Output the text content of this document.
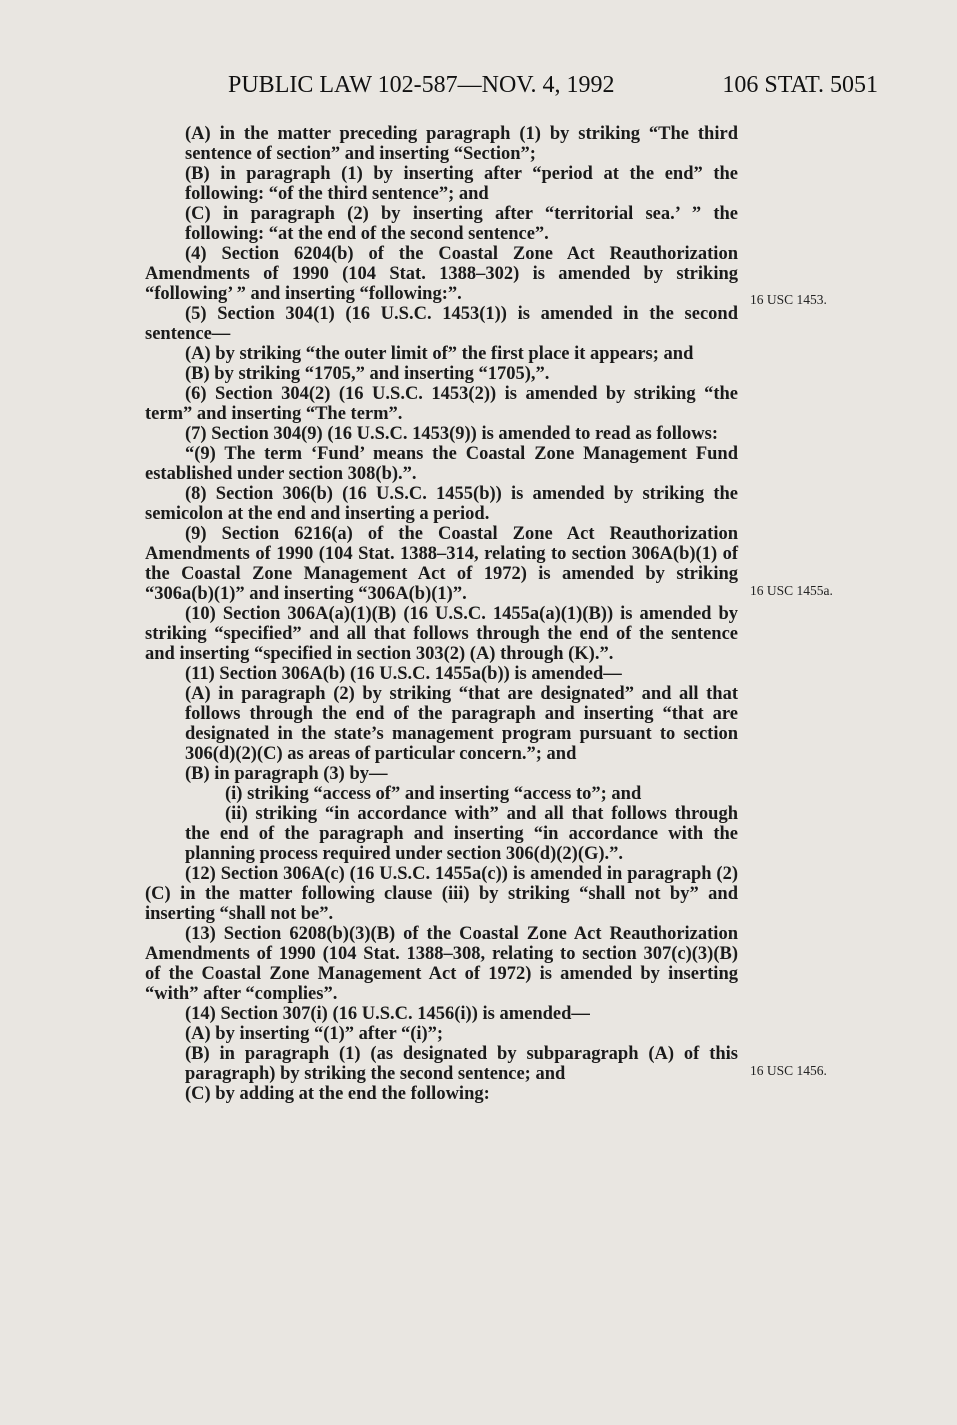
PUBLIC LAW 102-587—NOV. 4, 1992	106 STAT. 5051

(A) in the matter preceding paragraph (1) by striking “The third sentence of section” and inserting “Section”;

(B) in paragraph (1) by inserting after “period at the end” the following: “of the third sentence”; and

(C) in paragraph (2) by inserting after “territorial sea.’ ” the following: “at the end of the second sentence”.

(4) Section 6204(b) of the Coastal Zone Act Reauthorization Amendments of 1990 (104 Stat. 1388–302) is amended by striking “following’ ” and inserting “following:”.

(5) Section 304(1) (16 U.S.C. 1453(1)) is amended in the second sentence—

(A) by striking “the outer limit of” the first place it appears; and

(B) by striking “1705,” and inserting “1705),”.

(6) Section 304(2) (16 U.S.C. 1453(2)) is amended by striking “the term” and inserting “The term”.

(7) Section 304(9) (16 U.S.C. 1453(9)) is amended to read as follows:

“(9) The term ‘Fund’ means the Coastal Zone Management Fund established under section 308(b).”.

(8) Section 306(b) (16 U.S.C. 1455(b)) is amended by striking the semicolon at the end and inserting a period.

(9) Section 6216(a) of the Coastal Zone Act Reauthorization Amendments of 1990 (104 Stat. 1388–314, relating to section 306A(b)(1) of the Coastal Zone Management Act of 1972) is amended by striking “306a(b)(1)” and inserting “306A(b)(1)”.

(10) Section 306A(a)(1)(B) (16 U.S.C. 1455a(a)(1)(B)) is amended by striking “specified” and all that follows through the end of the sentence and inserting “specified in section 303(2) (A) through (K).”.

(11) Section 306A(b) (16 U.S.C. 1455a(b)) is amended—

(A) in paragraph (2) by striking “that are designated” and all that follows through the end of the paragraph and inserting “that are designated in the state’s management program pursuant to section 306(d)(2)(C) as areas of particular concern.”; and

(B) in paragraph (3) by—

(i) striking “access of” and inserting “access to”; and

(ii) striking “in accordance with” and all that follows through the end of the paragraph and inserting “in accordance with the planning process required under section 306(d)(2)(G).”.

(12) Section 306A(c) (16 U.S.C. 1455a(c)) is amended in paragraph (2)(C) in the matter following clause (iii) by striking “shall not by” and inserting “shall not be”.

(13) Section 6208(b)(3)(B) of the Coastal Zone Act Reauthorization Amendments of 1990 (104 Stat. 1388–308, relating to section 307(c)(3)(B) of the Coastal Zone Management Act of 1972) is amended by inserting “with” after “complies”.

(14) Section 307(i) (16 U.S.C. 1456(i)) is amended—

(A) by inserting “(1)” after “(i)”;

(B) in paragraph (1) (as designated by subparagraph (A) of this paragraph) by striking the second sentence; and

(C) by adding at the end the following:

16 USC 1453.
16 USC 1455a.
16 USC 1456.
